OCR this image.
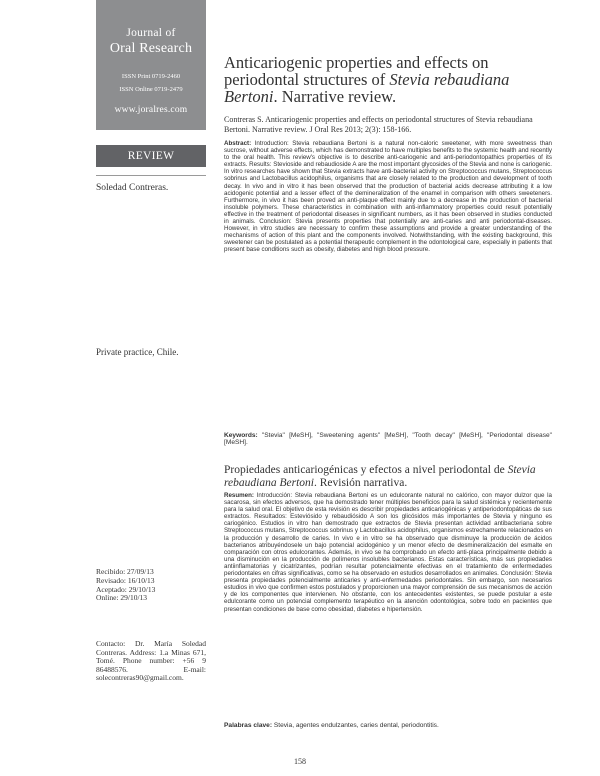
Journal of
Oral Research
ISSN Print 0719-2460
ISSN Online 0719-2479
www.joralres.com
REVIEW
Soledad Contreras.
Private practice, Chile.
Recibido: 27/09/13
Revisado: 16/10/13
Aceptado: 29/10/13
Online: 29/10/13
Contacto: Dr. María Soledad Contreras. Address: 1.a Minas 671, Tomé. Phone number: +56 9 86488576. E-mail: solecontreras90@gmail.com.
Anticariogenic properties and effects on periodontal structures of Stevia rebaudiana Bertoni. Narrative review.
Contreras S. Anticariogenic properties and effects on periodontal structures of Stevia rebaudiana Bertoni. Narrative review. J Oral Res 2013; 2(3): 158-166.
Abstract: Introduction: Stevia rebaudiana Bertoni is a natural non-caloric sweetener, with more sweetness than sucrose, without adverse effects, which has demonstrated to have multiples benefits to the systemic health and recently to the oral health. This review's objective is to describe anti-cariogenic and anti-periodontopathics properties of its extracts. Results: Stevioside and rebaudioside A are the most important glycosides of the Stevia and none is cariogenic. In vitro researches have shown that Stevia extracts have anti-bacterial activity on Streptococcus mutans, Streptococcus sobrinus and Lactobacillus acidophilus, organisms that are closely related to the production and development of tooth decay. In vivo and in vitro it has been observed that the production of bacterial acids decrease attributing it a low acidogenic potential and a lesser effect of the demineralization of the enamel in comparison with others sweeteners. Furthermore, in vivo it has been proved an anti-plaque effect mainly due to a decrease in the production of bacterial insoluble polymers. These characteristics in combination with anti-inflammatory properties could result potentially effective in the treatment of periodontal diseases in significant numbers, as it has been observed in studies conducted in animals. Conclusion: Stevia presents properties that potentially are anti-caries and anti periodontal-diseases. However, in vitro studies are necessary to confirm these assumptions and provide a greater understanding of the mechanisms of action of this plant and the components involved. Notwithstanding, with the existing background, this sweetener can be postulated as a potential therapeutic complement in the odontological care, especially in patients that present base conditions such as obesity, diabetes and high blood pressure.
Keywords: "Stevia" [MeSH], "Sweetening agents" [MeSH], "Tooth decay" [MeSH], "Periodontal disease" [MeSH].
Propiedades anticariogénicas y efectos a nivel periodontal de Stevia rebaudiana Bertoni. Revisión narrativa.
Resumen: Introducción: Stevia rebaudiana Bertoni es un edulcorante natural no calórico, con mayor dulzor que la sacarosa, sin efectos adversos, que ha demostrado tener múltiples beneficios para la salud sistémica y recientemente para la salud oral. El objetivo de esta revisión es describir propiedades anticariogénicas y antiperiodontopáticas de sus extractos. Resultados: Esteviósido y rebaudiósido A son los glicósidos más importantes de Stevia y ninguno es cariogénico. Estudios in vitro han demostrado que extractos de Stevia presentan actividad antibacteriana sobre Streptococcus mutans, Streptococcus sobrinus y Lactobacillus acidophilus, organismos estrechamente relacionados en la producción y desarrollo de caries. In vivo e in vitro se ha observado que disminuye la producción de ácidos bacterianos atribuyéndosele un bajo potencial acidogénico y un menor efecto de desmineralización del esmalte en comparación con otros edulcorantes. Además, in vivo se ha comprobado un efecto anti-placa principalmente debido a una disminución en la producción de polímeros insolubles bacterianos. Estas características, más sus propiedades antiinflamatorias y cicatrizantes, podrían resultar potencialmente efectivas en el tratamiento de enfermedades periodontales en cifras significativas, como se ha observado en estudios desarrollados en animales. Conclusión: Stevia presenta propiedades potencialmente anticaries y anti-enfermedades periodontales. Sin embargo, son necesarios estudios in vivo que confirmen estos postulados y proporcionen una mayor comprensión de sus mecanismos de acción y de los componentes que intervienen. No obstante, con los antecedentes existentes, se puede postular a este edulcorante como un potencial complemento terapéutico en la atención odontológica, sobre todo en pacientes que presentan condiciones de base como obesidad, diabetes e hipertensión.
Palabras clave: Stevia, agentes endulzantes, caries dental, periodontitis.
158
